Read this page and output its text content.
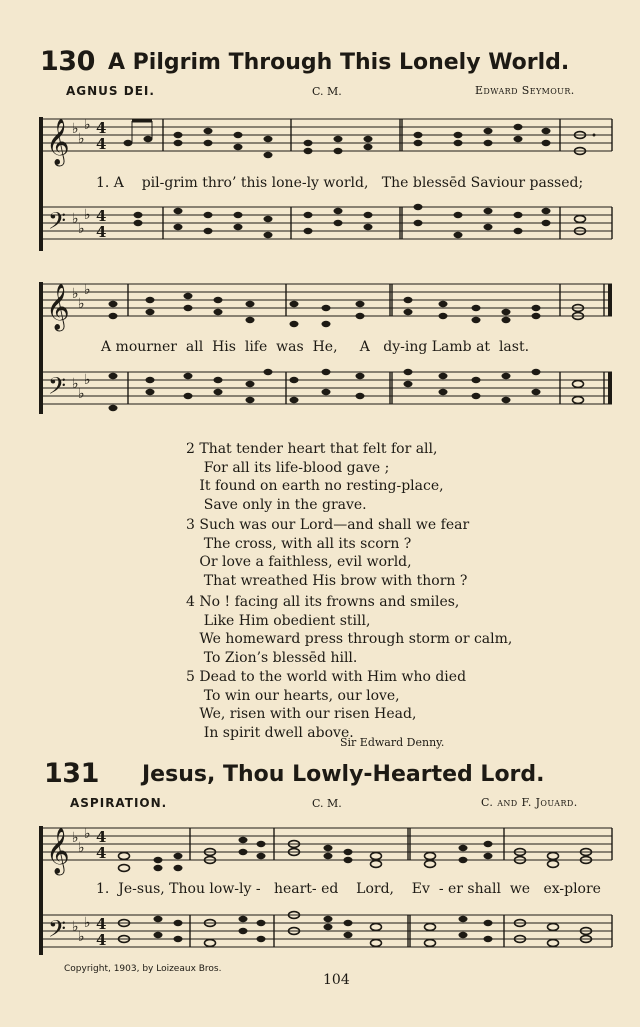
130 A Pilgrim Through This Lonely World.
AGNUS DEI.	C. M.	Edward Seymour.
𝄞
𝄢
♭
♭
♭
♭
♭
♭
4
4
4
4
1. A    pil-grim thro’ this lone-ly world,   The blessēd Saviour passed;
𝄞
𝄢
♭
♭
♭
♭
♭
♭
A mourner  all  His  life  was  He,     A   dy-ing Lamb at  last.
2 That tender heart that felt for all,
For all its life-blood gave ;
It found on earth no resting-place,
Save only in the grave.
3 Such was our Lord—and shall we fear
The cross, with all its scorn ?
Or love a faithless, evil world,
That wreathed His brow with thorn ?
4 No ! facing all its frowns and smiles,
Like Him obedient still,
We homeward press through storm or calm,
To Zion’s blessēd hill.
5 Dead to the world with Him who died
To win our hearts, our love,
We, risen with our risen Head,
In spirit dwell above.
Sir Edward Denny.
131 Jesus, Thou Lowly-Hearted Lord.
ASPIRATION.	C. M.	C. and F. Jouard.
𝄞
𝄢
♭
♭
♭
♭
♭
♭
4
4
4
4
1.  Je-sus, Thou low-ly -   heart- ed    Lord,    Ev  - er shall  we   ex-plore
Copyright, 1903, by Loizeaux Bros.
104
